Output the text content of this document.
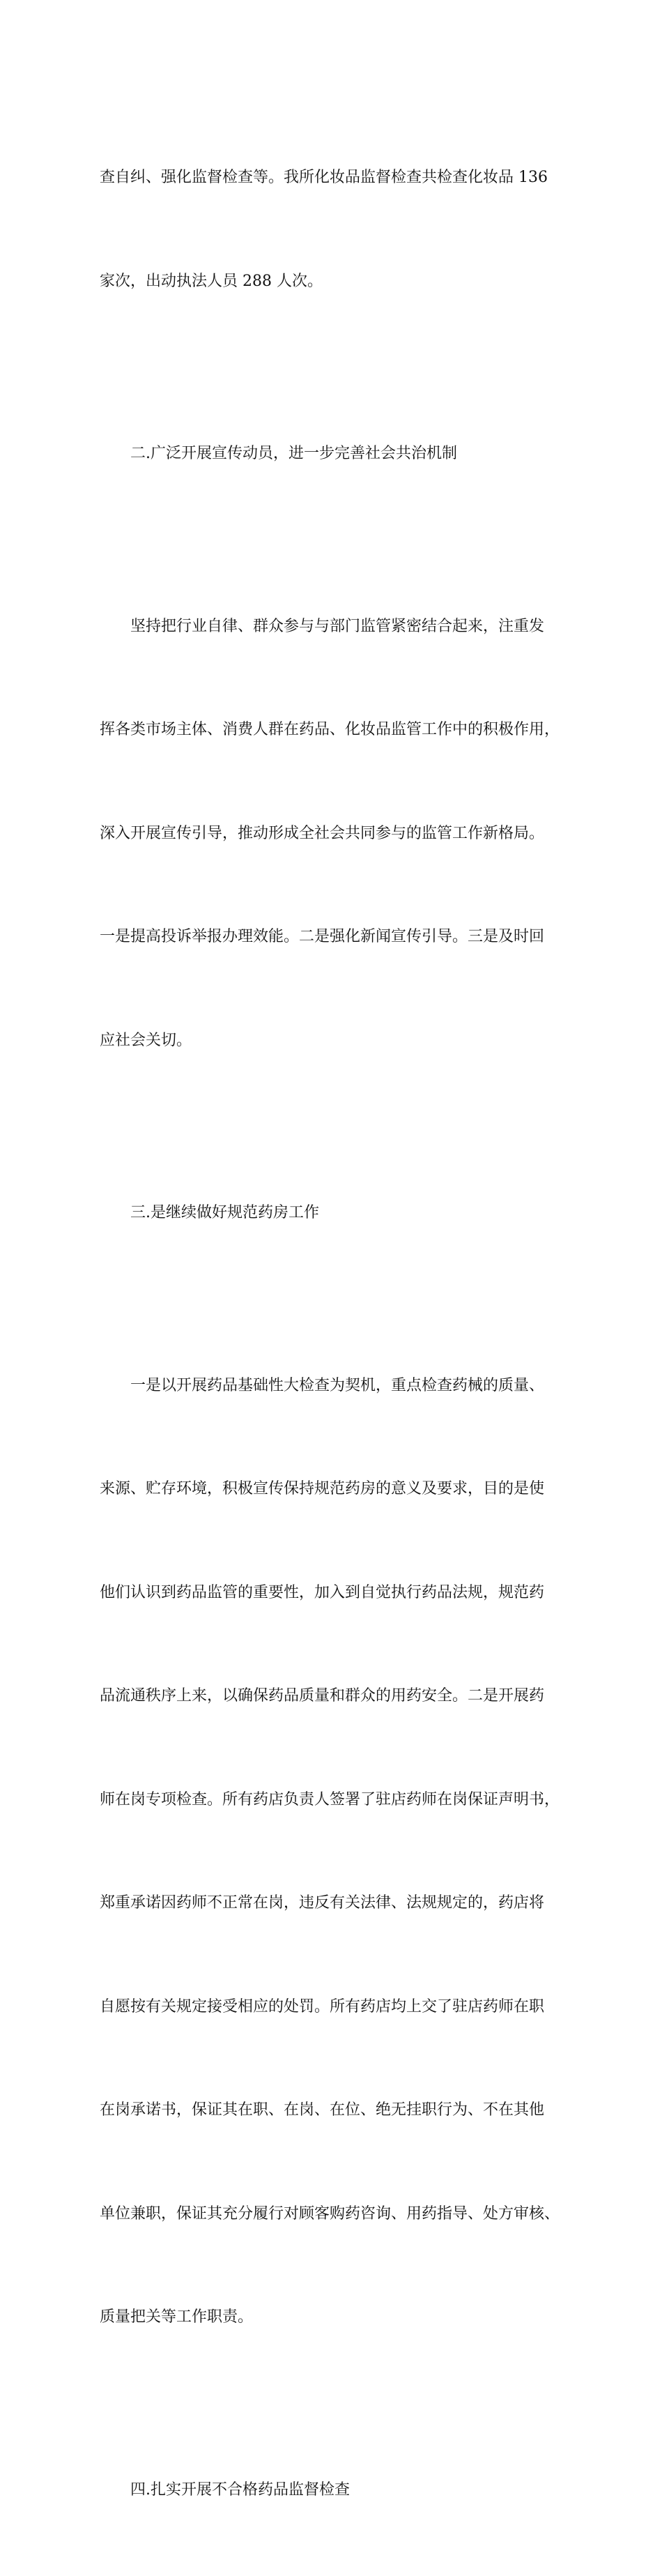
查自纠、强化监督检查等。我所化妆品监督检查共检查化妆品 136

家次，出动执法人员 288 人次。

二.广泛开展宣传动员，进一步完善社会共治机制

坚持把行业自律、群众参与与部门监管紧密结合起来，注重发

挥各类市场主体、消费人群在药品、化妆品监管工作中的积极作用，

深入开展宣传引导，推动形成全社会共同参与的监管工作新格局。

一是提高投诉举报办理效能。二是强化新闻宣传引导。三是及时回

应社会关切。

三.是继续做好规范药房工作

一是以开展药品基础性大检查为契机，重点检查药械的质量、

来源、贮存环境，积极宣传保持规范药房的意义及要求，目的是使

他们认识到药品监管的重要性，加入到自觉执行药品法规，规范药

品流通秩序上来，以确保药品质量和群众的用药安全。二是开展药

师在岗专项检查。所有药店负责人签署了驻店药师在岗保证声明书，

郑重承诺因药师不正常在岗，违反有关法律、法规规定的，药店将

自愿按有关规定接受相应的处罚。所有药店均上交了驻店药师在职

在岗承诺书，保证其在职、在岗、在位、绝无挂职行为、不在其他

单位兼职，保证其充分履行对顾客购药咨询、用药指导、处方审核、

质量把关等工作职责。

四.扎实开展不合格药品监督检查
